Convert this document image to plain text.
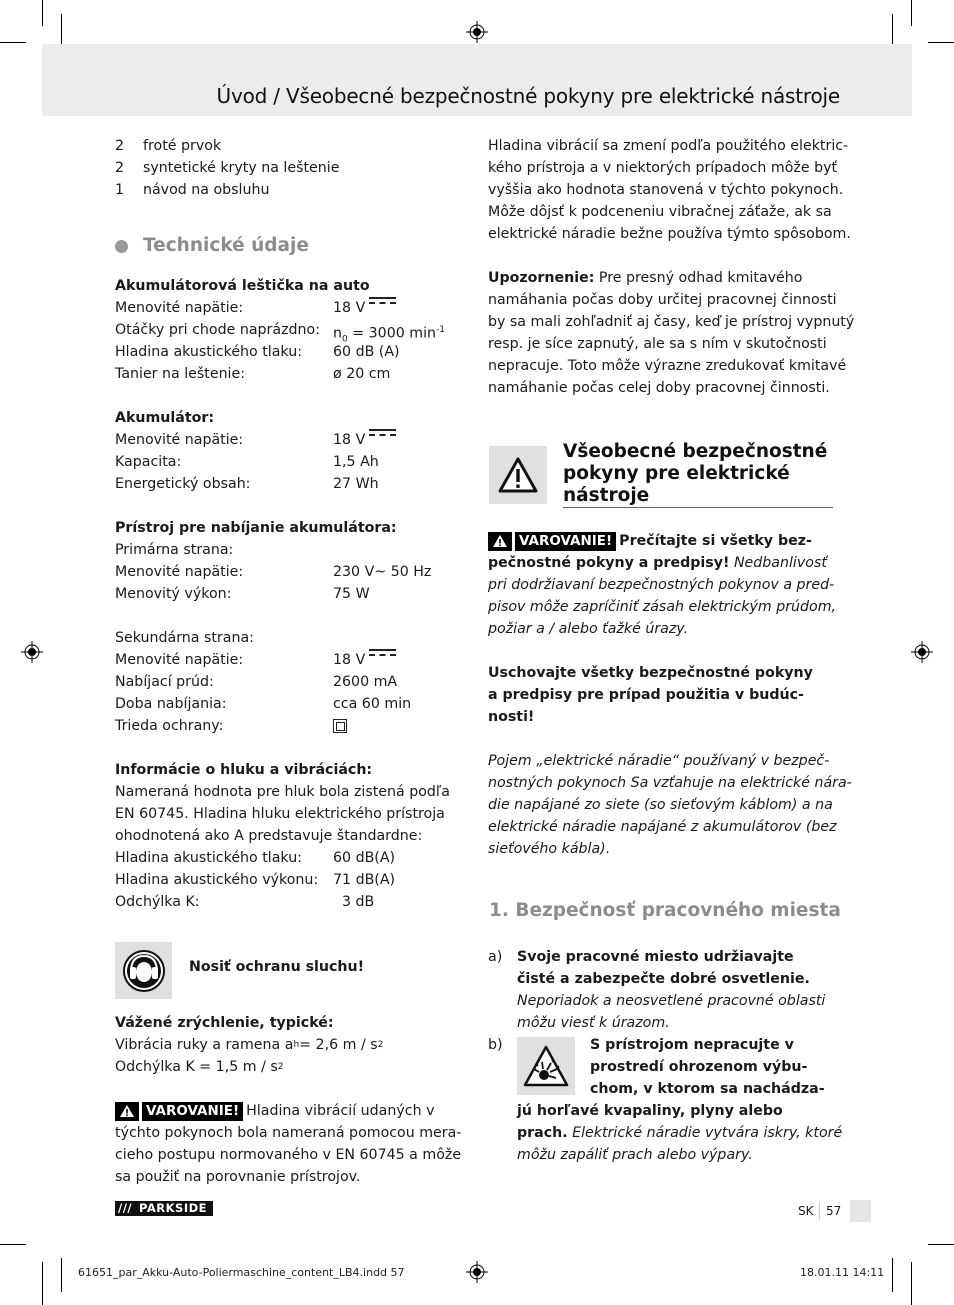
Úvod / Všeobecné bezpečnostné pokyny pre elektrické nástroje
2	froté prvok
2	syntetické kryty na leštenie
1	návod na obsluhu
Technické údaje
Akumulátorová leštička na auto
Menovité napätie:	18 V
Otáčky pri chode naprázdno: $n_0 = 3000$ $\min^{-1}$
Hladina akustického tlaku:	60 dB (A)
Tanier na leštenie:	ø 20 cm
Akumulátor:
Menovité napätie:	18 V
Kapacita:	1,5 Ah
Energetický obsah:	27 Wh
Prístroj pre nabíjanie akumulátora:
Primárna strana:
Menovité napätie:	230 V~ 50 Hz
Menovitý výkon:	75 W
Sekundárna strana:
Menovité napätie:	18 V
Nabíjací prúd:	2600 mA
Doba nabíjania:	cca 60 min
Trieda ochrany:
Informácie o hluku a vibráciách:
Nameraná hodnota pre hluk bola zistená podľa
EN 60745. Hladina hluku elektrického prístroja
ohodnotená ako A predstavuje štandardne:
Hladina akustického tlaku:	60 dB(A)
Hladina akustického výkonu:	71 dB(A)
Odchýlka K:	3 dB
Nosiť ochranu sluchu!
Vážené zrýchlenie, typické:
Vibrácia ruky a ramena a h = 2,6 m / s 2
Odchýlka K = 1,5 m / s 2
VAROVANIE! Hladina vibrácií udaných v
týchto pokynoch bola nameraná pomocou mera-
cieho postupu normovaného v EN 60745 a môže
sa použiť na porovnanie prístrojov.
Hladina vibrácií sa zmení podľa použitého elektric-
kého prístroja a v niektorých prípadoch môže byť
vyššia ako hodnota stanovená v týchto pokynoch.
Môže dôjsť k podceneniu vibračnej záťaže, ak sa
elektrické náradie bežne používa týmto spôsobom.
Upozornenie: Pre presný odhad kmitavého
namáhania počas doby určitej pracovnej činnosti
by sa mali zohľadniť aj časy, keď je prístroj vypnutý
resp. je síce zapnutý, ale sa s ním v skutočnosti
nepracuje. Toto môže výrazne zredukovať kmitavé
namáhanie počas celej doby pracovnej činnosti.
Všeobecné bezpečnostné
pokyny pre elektrické
nástroje
VAROVANIE! Prečítajte si všetky bez-
pečnostné pokyny a predpisy! Nedbanlivosť
pri dodržiavaní bezpečnostných pokynov a pred-
pisov môže zapríčiniť zásah elektrickým prúdom,
požiar a / alebo ťažké úrazy.
Uschovajte všetky bezpečnostné pokyny
a predpisy pre prípad použitia v budúc-
nosti!
Pojem „elektrické náradie“ používaný v bezpeč-
nostných pokynoch Sa vzťahuje na elektrické nára-
die napájané zo siete (so sieťovým káblom) a na
elektrické náradie napájané z akumulátorov (bez
sieťového kábla).
1. Bezpečnosť pracovného miesta
a) Svoje pracovné miesto udržiavajte
čisté a zabezpečte dobré osvetlenie.
Neporiadok a neosvetlené pracovné oblasti
môžu viesť k úrazom.
b)	S prístrojom nepracujte v
prostredí ohrozenom výbu-
chom, v ktorom sa nachádza-
jú horľavé kvapaliny, plyny alebo
prach. Elektrické náradie vytvára iskry, ktoré
môžu zapáliť prach alebo výpary.
/// PARKSIDE	SK	57
61651_par_Akku-Auto-Poliermaschine_content_LB4.indd 57	18.01.11 14:11
